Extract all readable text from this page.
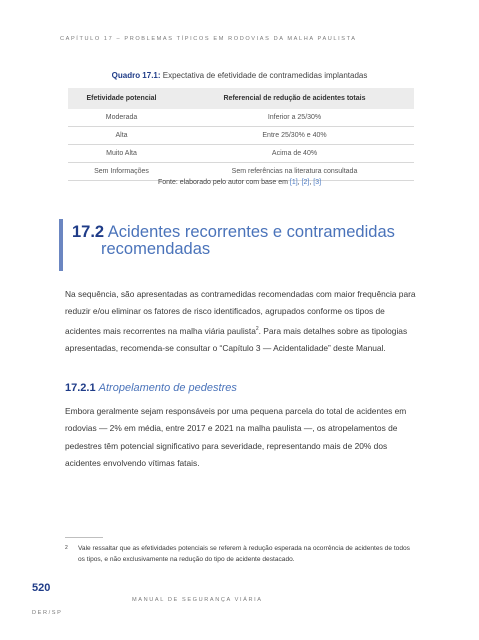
CAPÍTULO 17 – PROBLEMAS TÍPICOS EM RODOVIAS DA MALHA PAULISTA
Quadro 17.1: Expectativa de efetividade de contramedidas implantadas
Efetividade potencial	Referencial de redução de acidentes totais
Moderada	Inferior a 25/30%
Alta	Entre 25/30% e 40%
Muito Alta	Acima de 40%
Sem Informações	Sem referências na literatura consultada
Fonte: elaborado pelo autor com base em [1], [2], [3]
17.2 Acidentes recorrentes e contramedidas
recomendadas
Na sequência, são apresentadas as contramedidas recomendadas com maior frequência para reduzir e/ou eliminar os fatores de risco identificados, agrupados conforme os tipos de acidentes mais recorrentes na malha viária paulista$^2$. Para mais detalhes sobre as tipologias apresentadas, recomenda-se consultar o “Capítulo 3 — Acidentalidade” deste Manual.
17.2.1 Atropelamento de pedestres
Embora geralmente sejam responsáveis por uma pequena parcela do total de acidentes em rodovias — 2% em média, entre 2017 e 2021 na malha paulista —, os atropelamentos de pedestres têm potencial significativo para severidade, representando mais de 20% dos acidentes envolvendo vítimas fatais.
2 Vale ressaltar que as efetividades potenciais se referem à redução esperada na ocorrência de acidentes de todos os tipos, e não exclusivamente na redução do tipo de acidente destacado.
520
MANUAL DE SEGURANÇA VIÁRIA
DER/SP
